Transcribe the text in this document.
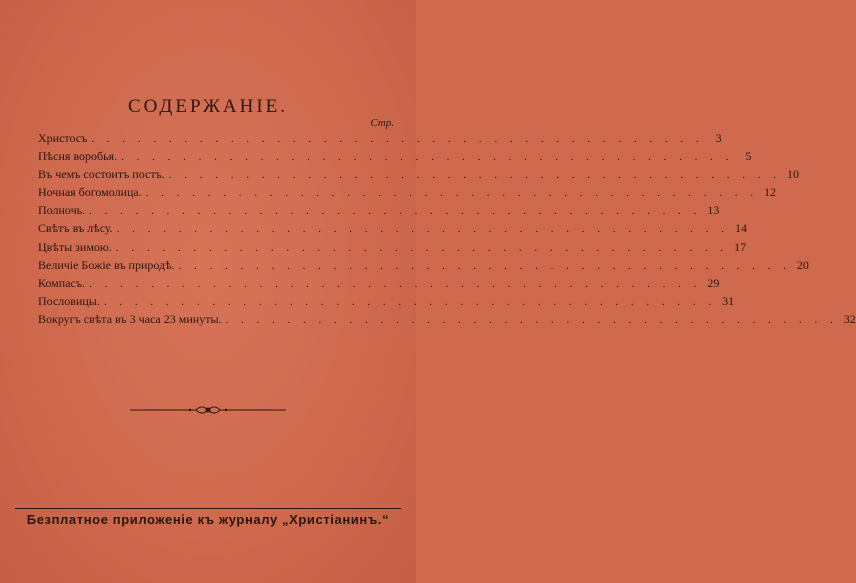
СОДЕРЖАНIЕ.
Стр.
Христосъ . . . . . . . . . . . . . . . . . . . . . . . . . . . . . . . . . . . . . . . .	3
Пѣсня воробья. . . . . . . . . . . . . . . . . . . . . . . . . . . . . . . . . . . . . . . . .	5
Въ чемъ состоитъ постъ. . . . . . . . . . . . . . . . . . . . . . . . . . . . . . . . . . . . . . . . . 10
Ночная богомолица. . . . . . . . . . . . . . . . . . . . . . . . . . . . . . . . . . . . . . . . . 12
Полночь. . . . . . . . . . . . . . . . . . . . . . . . . . . . . . . . . . . . . . . . . 13
Свѣтъ въ лѣсу. . . . . . . . . . . . . . . . . . . . . . . . . . . . . . . . . . . . . . . . . 14
Цвѣты зимою. . . . . . . . . . . . . . . . . . . . . . . . . . . . . . . . . . . . . . . . . 17
Величiе Божiе въ природѣ. . . . . . . . . . . . . . . . . . . . . . . . . . . . . . . . . . . . . . . . . 20
Компасъ. . . . . . . . . . . . . . . . . . . . . . . . . . . . . . . . . . . . . . . . . 29
Пословицы. . . . . . . . . . . . . . . . . . . . . . . . . . . . . . . . . . . . . . . . . 31
Вокругъ свѣта въ 3 часа 23 минуты. . . . . . . . . . . . . . . . . . . . . . . . . . . . . . . . . . . . . . . . . 32
Безплатное приложенiе къ журналу „Христiанинъ.“
